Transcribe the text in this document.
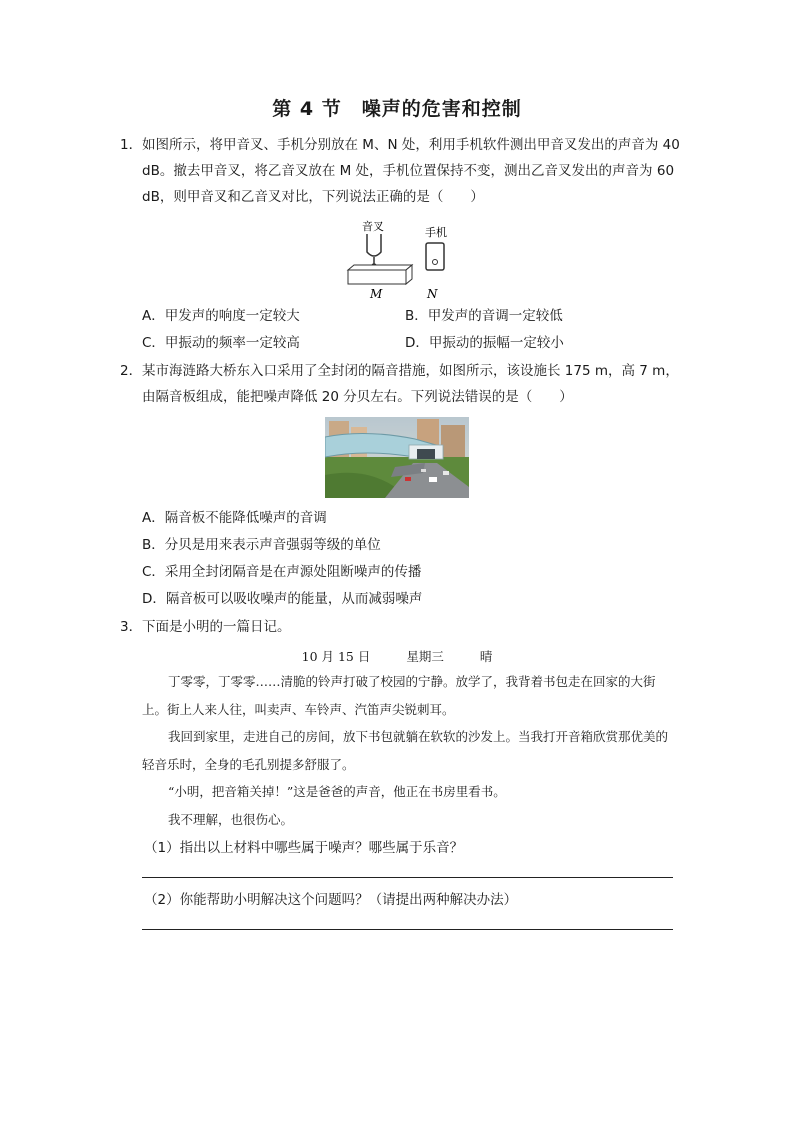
第 4 节　噪声的危害和控制
1． 如图所示，将甲音叉、手机分别放在 M、N 处，利用手机软件测出甲音叉发出的声音为 40 dB。撤去甲音叉，将乙音叉放在 M 处，手机位置保持不变，测出乙音叉发出的声音为 60 dB，则甲音叉和乙音叉对比，下列说法正确的是（　　）
音叉	手机
M	N
A．甲发声的响度一定较大	B．甲发声的音调一定较低
C．甲振动的频率一定较高	D．甲振动的振幅一定较小
2． 某市海涟路大桥东入口采用了全封闭的隔音措施，如图所示，该设施长 175 m，高 7 m，由隔音板组成，能把噪声降低 20 分贝左右。下列说法错误的是（　　）
A．隔音板不能降低噪声的音调
B．分贝是用来表示声音强弱等级的单位
C．采用全封闭隔音是在声源处阻断噪声的传播
D．隔音板可以吸收噪声的能量，从而减弱噪声
3． 下面是小明的一篇日记。
10 月 15 日	星期三	晴

丁零零，丁零零……清脆的铃声打破了校园的宁静。放学了，我背着书包走在回家的大街上。街上人来人往，叫卖声、车铃声、汽笛声尖锐刺耳。

我回到家里，走进自己的房间，放下书包就躺在软软的沙发上。当我打开音箱欣赏那优美的轻音乐时，全身的毛孔别提多舒服了。

“小明，把音箱关掉！”这是爸爸的声音，他正在书房里看书。

我不理解，也很伤心。

（1）指出以上材料中哪些属于噪声？哪些属于乐音？
（2）你能帮助小明解决这个问题吗？（请提出两种解决办法）
